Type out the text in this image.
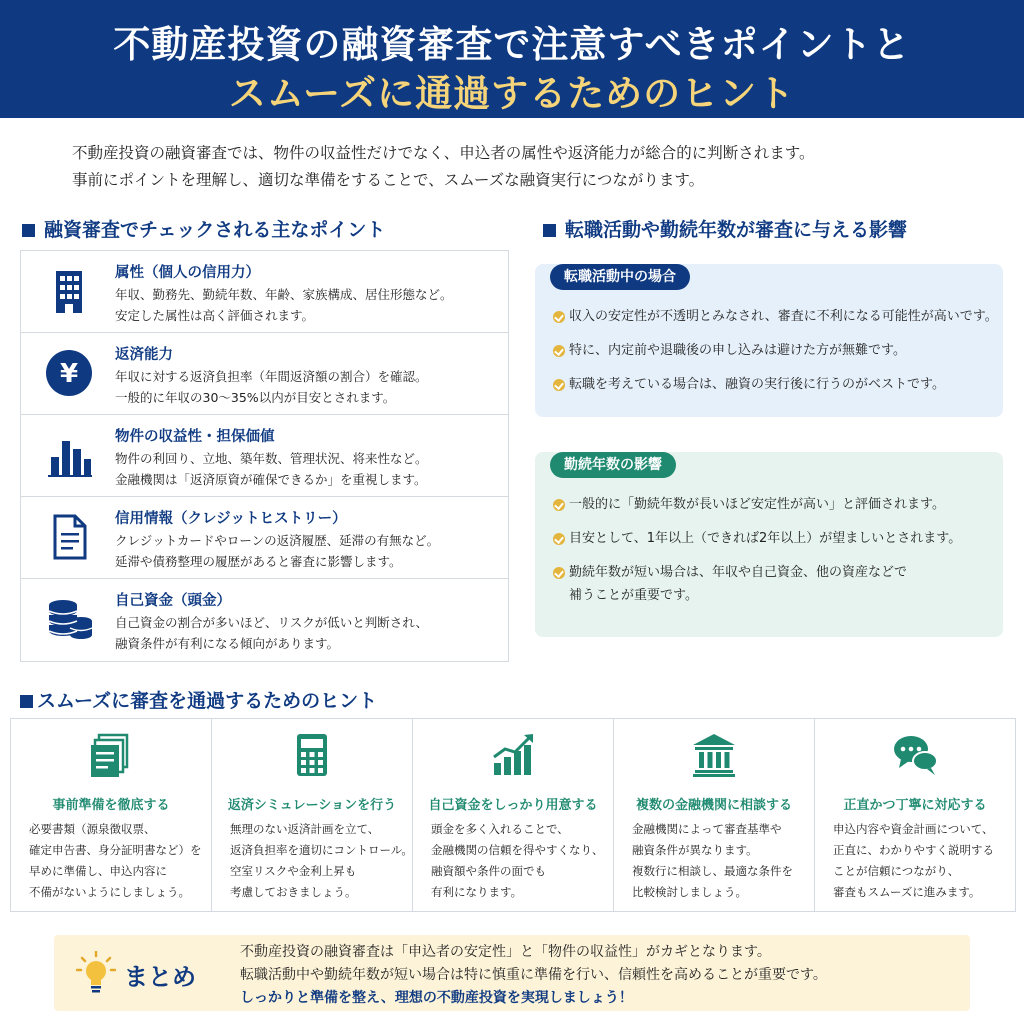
不動産投資の融資審査で注意すべきポイントと
スムーズに通過するためのヒント
不動産投資の融資審査では、物件の収益性だけでなく、申込者の属性や返済能力が総合的に判断されます。
事前にポイントを理解し、適切な準備をすることで、スムーズな融資実行につながります。
融資審査でチェックされる主なポイント
属性（個人の信用力）
年収、勤務先、勤続年数、年齢、家族構成、居住形態など。
安定した属性は高く評価されます。
¥
返済能力
年収に対する返済負担率（年間返済額の割合）を確認。
一般的に年収の30〜35%以内が目安とされます。
物件の収益性・担保価値
物件の利回り、立地、築年数、管理状況、将来性など。
金融機関は「返済原資が確保できるか」を重視します。
信用情報（クレジットヒストリー）
クレジットカードやローンの返済履歴、延滞の有無など。
延滞や債務整理の履歴があると審査に影響します。
自己資金（頭金）
自己資金の割合が多いほど、リスクが低いと判断され、
融資条件が有利になる傾向があります。
転職活動や勤続年数が審査に与える影響
転職活動中の場合
収入の安定性が不透明とみなされ、審査に不利になる可能性が高いです。
特に、内定前や退職後の申し込みは避けた方が無難です。
転職を考えている場合は、融資の実行後に行うのがベストです。
勤続年数の影響
一般的に「勤続年数が長いほど安定性が高い」と評価されます。
目安として、1年以上（できれば2年以上）が望ましいとされます。
勤続年数が短い場合は、年収や自己資金、他の資産などで
補うことが重要です。
スムーズに審査を通過するためのヒント
事前準備を徹底する
必要書類（源泉徴収票、
確定申告書、身分証明書など）を
早めに準備し、申込内容に
不備がないようにしましょう。
返済シミュレーションを行う
無理のない返済計画を立て、
返済負担率を適切にコントロール。
空室リスクや金利上昇も
考慮しておきましょう。
自己資金をしっかり用意する
頭金を多く入れることで、
金融機関の信頼を得やすくなり、
融資額や条件の面でも
有利になります。
複数の金融機関に相談する
金融機関によって審査基準や
融資条件が異なります。
複数行に相談し、最適な条件を
比較検討しましょう。
正直かつ丁寧に対応する
申込内容や資金計画について、
正直に、わかりやすく説明する
ことが信頼につながり、
審査もスムーズに進みます。
まとめ
不動産投資の融資審査は「申込者の安定性」と「物件の収益性」がカギとなります。
転職活動中や勤続年数が短い場合は特に慎重に準備を行い、信頼性を高めることが重要です。
しっかりと準備を整え、理想の不動産投資を実現しましょう！
